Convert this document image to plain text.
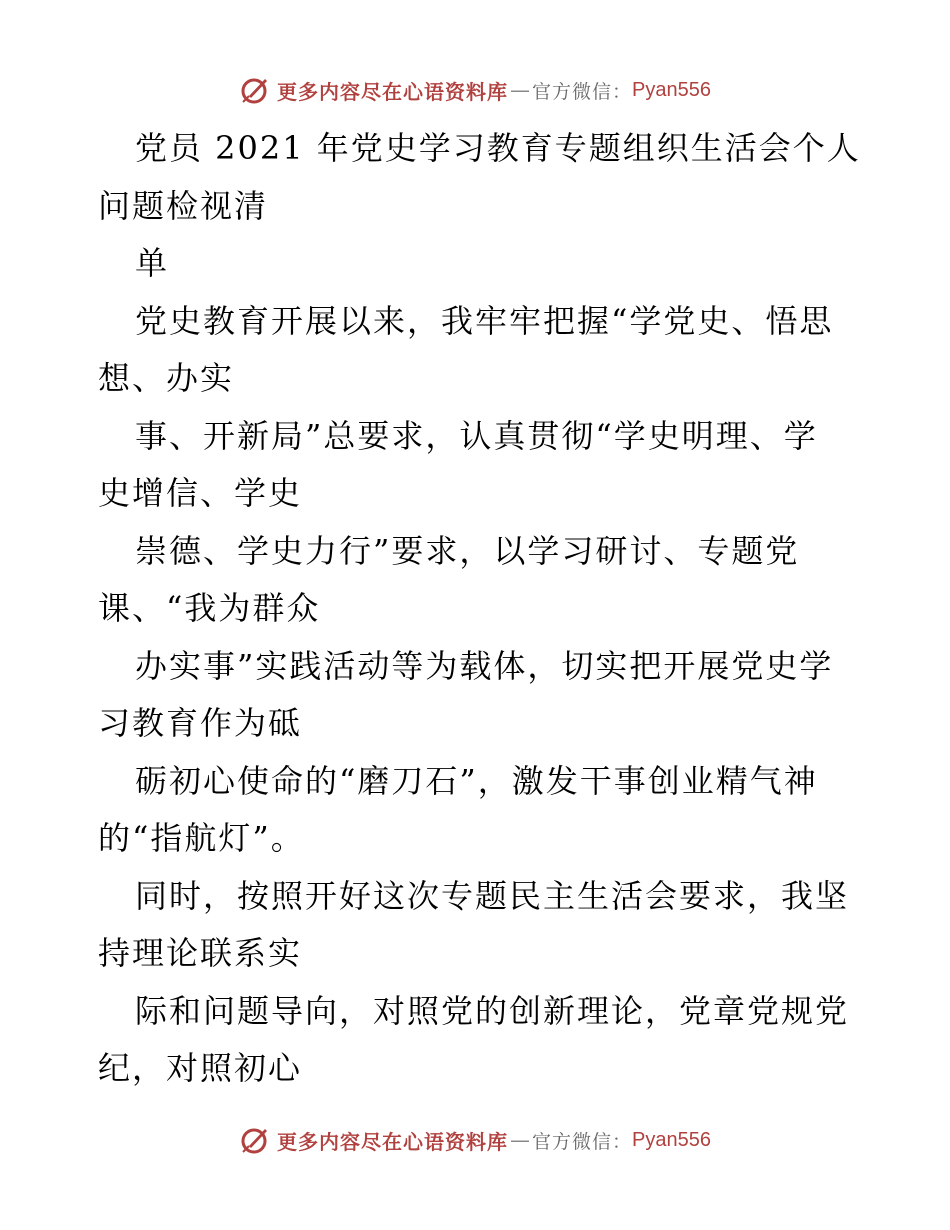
更多内容尽在心语资料库 — 官方微信： Pyan556
党员 2021 年党史学习教育专题组织生活会个人
问题检视清
单
党史教育开展以来，我牢牢把握“学党史、悟思
想、办实
事、开新局”总要求，认真贯彻“学史明理、学
史增信、学史
崇德、学史力行”要求，以学习研讨、专题党
课、“我为群众
办实事”实践活动等为载体，切实把开展党史学
习教育作为砥
砺初心使命的“磨刀石”，激发干事创业精气神
的“指航灯”。
同时，按照开好这次专题民主生活会要求，我坚
持理论联系实
际和问题导向，对照党的创新理论，党章党规党
纪，对照初心
更多内容尽在心语资料库 — 官方微信： Pyan556
